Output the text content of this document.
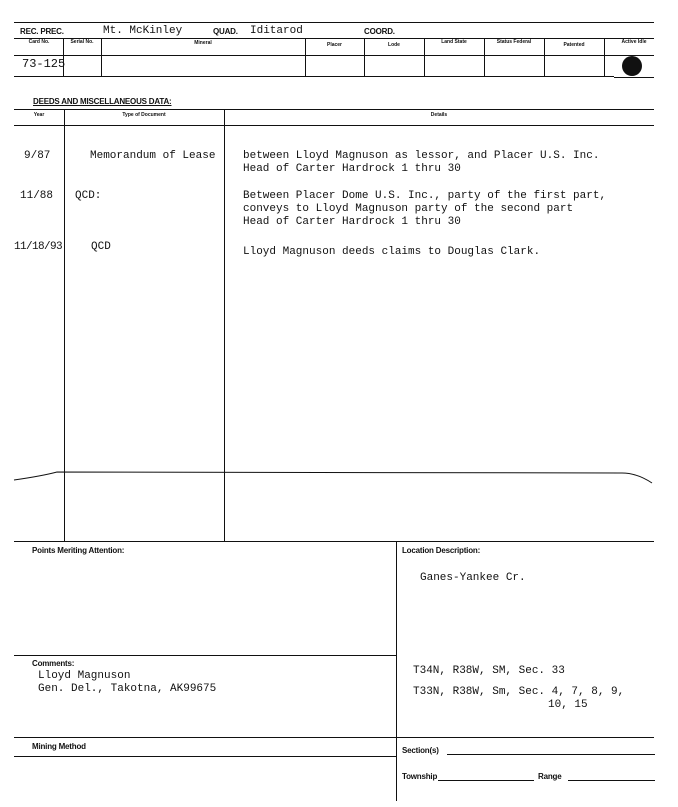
REC. PREC.	Mt. McKinley	QUAD. Iditarod	COORD.
Card No.	Serial No.	Mineral	Placer	Lode	Land State	Status Federal	Patented	Active Idle
73-125
DEEDS AND MISCELLANEOUS DATA:
Year	Type of Document	Details
9/87	Memorandum of Lease	between Lloyd Magnuson as lessor, and Placer U.S. Inc.
Head of Carter Hardrock 1 thru 30
11/88 QCD:	Between Placer Dome U.S. Inc., party of the first part,
conveys to Lloyd Magnuson party of the second part
Head of Carter Hardrock 1 thru 30
11/18/93	QCD	Lloyd Magnuson deeds claims to Douglas Clark.
Points Meriting Attention:	Location Description:
Ganes-Yankee Cr.
Comments:
Lloyd Magnuson
Gen. Del., Takotna, AK99675
T34N, R38W, SM, Sec. 33
T33N, R38W, Sm, Sec. 4, 7, 8, 9,
10, 15
Mining Method	Section(s)
Township	Range
